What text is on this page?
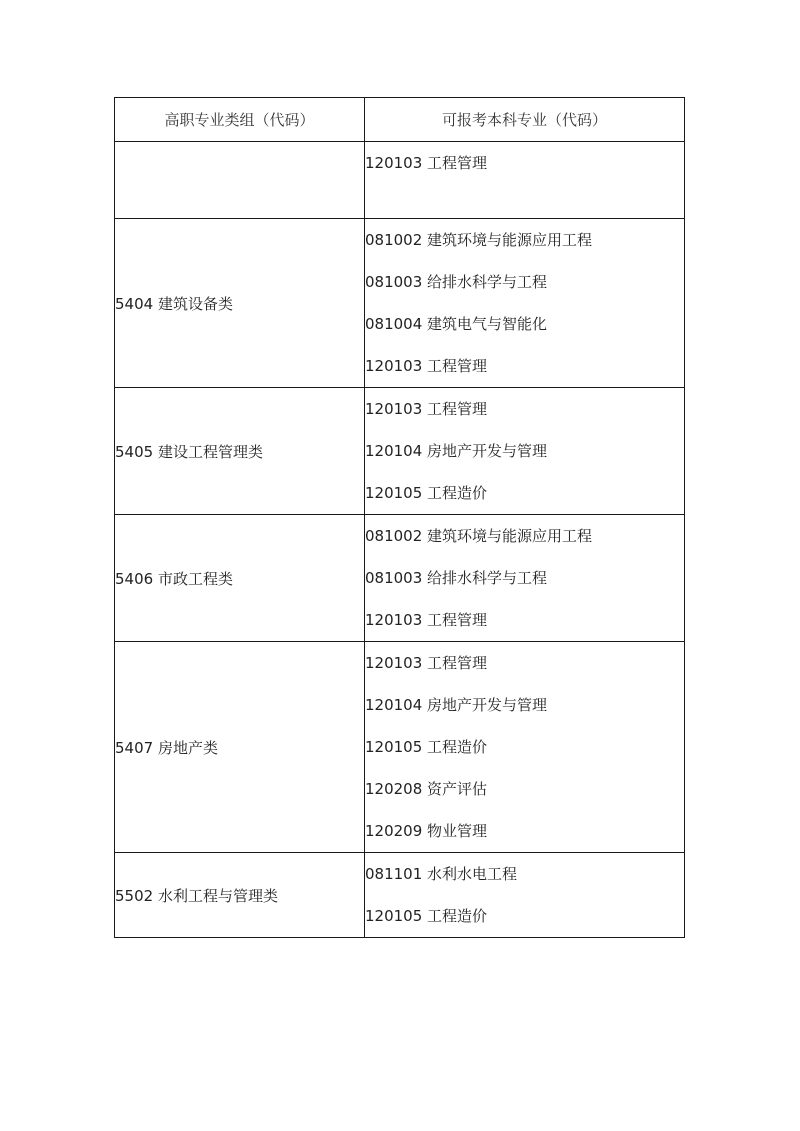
高职专业类组（代码）	可报考本科专业（代码）

	120103 工程管理

5404 建筑设备类	081002 建筑环境与能源应用工程
081003 给排水科学与工程
081004 建筑电气与智能化
120103 工程管理

5405 建设工程管理类	120103 工程管理
120104 房地产开发与管理
120105 工程造价

5406 市政工程类	081002 建筑环境与能源应用工程
081003 给排水科学与工程
120103 工程管理

5407 房地产类	120103 工程管理
120104 房地产开发与管理
120105 工程造价
120208 资产评估
120209 物业管理

5502 水利工程与管理类	081101 水利水电工程
120105 工程造价
